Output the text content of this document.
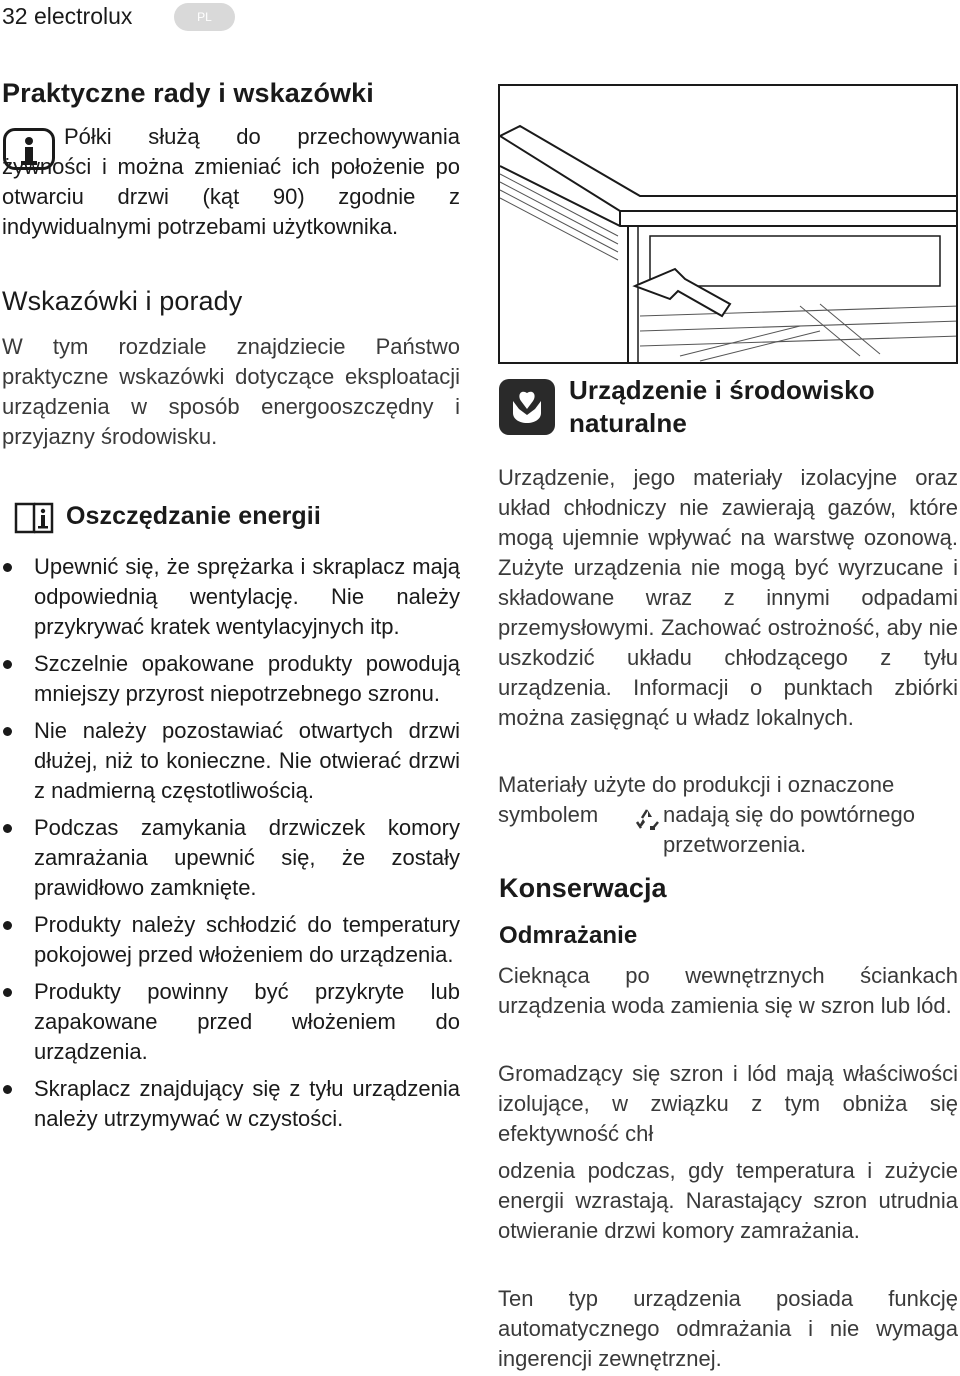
32 electrolux	PL
Praktyczne rady i wskazówki
Półki służą do przechowywania żywności i można zmieniać ich położenie po otwarciu drzwi (kąt 90) zgodnie z indywidualnymi potrzebami użytkownika.
Wskazówki i porady
W tym rozdziale znajdziecie Państwo praktyczne wskazówki dotyczące eksploatacji urządzenia w sposób energooszczędny i przyjazny środowisku.
Oszczędzanie energii
Upewnić się, że sprężarka i skraplacz mają odpowiednią wentylację. Nie należy przykrywać kratek wentylacyjnych itp.
Szczelnie opakowane produkty powodują mniejszy przyrost niepotrzebnego szronu.
Nie należy pozostawiać otwartych drzwi dłużej, niż to konieczne. Nie otwierać drzwi z nadmierną częstotliwością.
Podczas zamykania drzwiczek komory zamrażania upewnić się, że zostały prawidłowo zamknięte.
Produkty należy schłodzić do temperatury pokojowej przed włożeniem do urządzenia.
Produkty powinny być przykryte lub zapakowane przed włożeniem do urządzenia.
Skraplacz znajdujący się z tyłu urządzenia należy utrzymywać w czystości.
Urządzenie i środowisko
naturalne
Urządzenie, jego materiały izolacyjne oraz układ chłodniczy nie zawierają gazów, które mogą ujemnie wpływać na warstwę ozonową. Zużyte urządzenia nie mogą być wyrzucane i składowane wraz z innymi odpadami przemysłowymi. Zachować ostrożność, aby nie uszkodzić układu chłodzącego z tyłu urządzenia. Informacji o punktach zbiórki można zasięgnąć u władz lokalnych.
Materiały użyte do produkcji i oznaczone
symbolem	nadają się do powtórnego
przetworzenia.
Konserwacja
Odmrażanie
Cieknąca po wewnętrznych ściankach urządzenia woda zamienia się w szron lub lód.
Gromadzący się szron i lód mają właściwości izolujące, w związku z tym obniża się efektywność chł
odzenia podczas, gdy temperatura i zużycie energii wzrastają. Narastający szron utrudnia otwieranie drzwi komory zamrażania.
Ten typ urządzenia posiada funkcję automatycznego odmrażania i nie wymaga ingerencji zewnętrznej.
